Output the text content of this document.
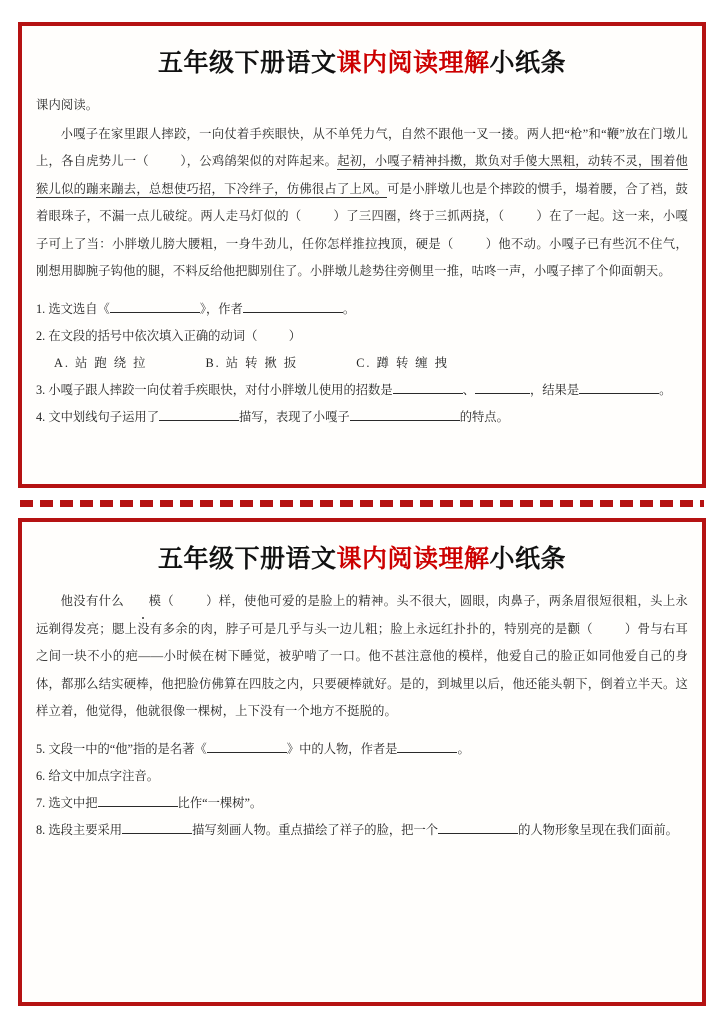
五年级下册语文课内阅读理解小纸条
课内阅读。
小嘎子在家里跟人摔跤，一向仗着手疾眼快，从不单凭力气，自然不跟他一叉一搂。两人把“枪”和“鞭”放在门墩儿上，各自虎势儿一（	），公鸡鹐架似的对阵起来。起初，小嘎子精神抖擞，欺负对手傻大黑粗，动转不灵，围着他猴儿似的蹦来蹦去，总想使巧招，下冷绊子，仿佛很占了上风。可是小胖墩儿也是个摔跤的惯手，塌着腰，合了裆，鼓着眼珠子，不漏一点儿破绽。两人走马灯似的（	）了三四圈，终于三抓两挠，（	）在了一起。这一来，小嘎子可上了当：小胖墩儿膀大腰粗，一身牛劲儿，任你怎样推拉拽顶，硬是（	）他不动。小嘎子已有些沉不住气，刚想用脚腕子钩他的腿，不料反给他把脚别住了。小胖墩儿趁势往旁侧里一推，咕咚一声，小嘎子摔了个仰面朝天。
1. 选文选自《	》，作者	。
2. 在文段的括号中依次填入正确的动词（	）
A. 站 跑 绕 拉	B. 站 转 揪 扳	C. 蹲 转 缠 拽
3. 小嘎子跟人摔跤一向仗着手疾眼快，对付小胖墩儿使用的招数是	、	，结果是	。
4. 文中划线句子运用了	描写，表现了小嘎子	的特点。
五年级下册语文课内阅读理解小纸条
他没有什么 模（	）样，使他可爱的是脸上的精神。头不很大，圆眼，肉鼻子，两条眉很短很粗，头上永远剃得发亮；腮上没有多余的肉，脖子可是几乎与头一边儿粗；脸上永远红扑扑的，特别亮的是颧（	）骨与右耳之间一块不小的疤——小时候在树下睡觉，被驴啃了一口。他不甚注意他的模样，他爱自己的脸正如同他爱自己的身体，都那么结实硬棒，他把脸仿佛算在四肢之内，只要硬棒就好。是的，到城里以后，他还能头朝下，倒着立半天。这样立着，他觉得，他就很像一棵树，上下没有一个地方不挺脱的。
5. 文段一中的“他”指的是名著《	》中的人物，作者是	。
6. 给文中加点字注音。
7. 选文中把	比作“一棵树”。
8. 选段主要采用	描写刻画人物。重点描绘了祥子的脸，把一个	的人物形象呈现在我们面前。
